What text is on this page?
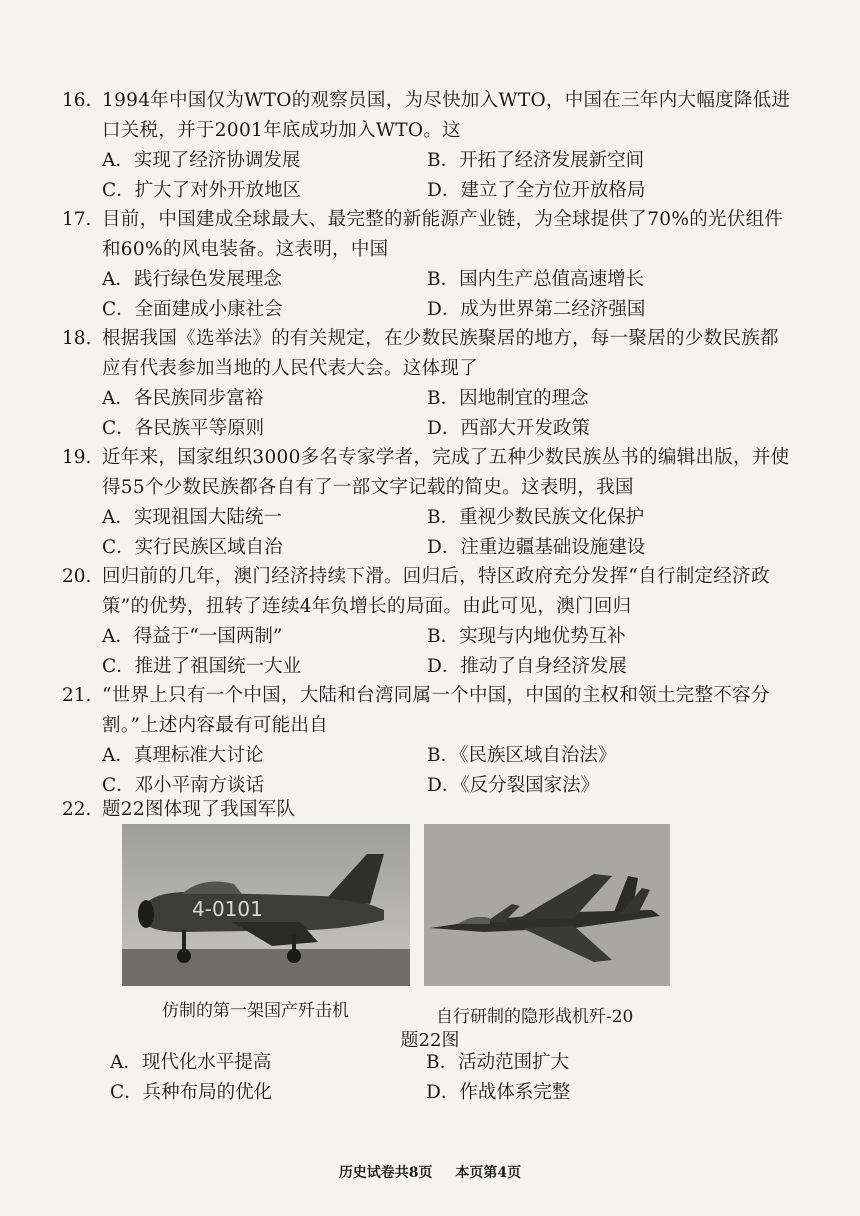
16. 1994年中国仅为WTO的观察员国，为尽快加入WTO，中国在三年内大幅度降低进口关税，并于2001年底成功加入WTO。这
A．实现了经济协调发展	B．开拓了经济发展新空间
C．扩大了对外开放地区	D．建立了全方位开放格局
17. 目前，中国建成全球最大、最完整的新能源产业链，为全球提供了70%的光伏组件和60%的风电装备。这表明，中国
A．践行绿色发展理念	B．国内生产总值高速增长
C．全面建成小康社会	D．成为世界第二经济强国
18. 根据我国《选举法》的有关规定，在少数民族聚居的地方，每一聚居的少数民族都应有代表参加当地的人民代表大会。这体现了
A．各民族同步富裕	B．因地制宜的理念
C．各民族平等原则	D．西部大开发政策
19. 近年来，国家组织3000多名专家学者，完成了五种少数民族丛书的编辑出版，并使得55个少数民族都各自有了一部文字记载的简史。这表明，我国
A．实现祖国大陆统一	B．重视少数民族文化保护
C．实行民族区域自治	D．注重边疆基础设施建设
20. 回归前的几年，澳门经济持续下滑。回归后，特区政府充分发挥“自行制定经济政策”的优势，扭转了连续4年负增长的局面。由此可见，澳门回归
A．得益于“一国两制”	B．实现与内地优势互补
C．推进了祖国统一大业	D．推动了自身经济发展
21. “世界上只有一个中国，大陆和台湾同属一个中国，中国的主权和领土完整不容分割。”上述内容最有可能出自
A．真理标准大讨论	B．《民族区域自治法》
C．邓小平南方谈话	D．《反分裂国家法》
22. 题22图体现了我国军队
4-0101
仿制的第一架国产歼击机	自行研制的隐形战机歼-20
题22图
A．现代化水平提高	B．活动范围扩大
C．兵种布局的优化	D．作战体系完整
历史试卷共8页 本页第4页
